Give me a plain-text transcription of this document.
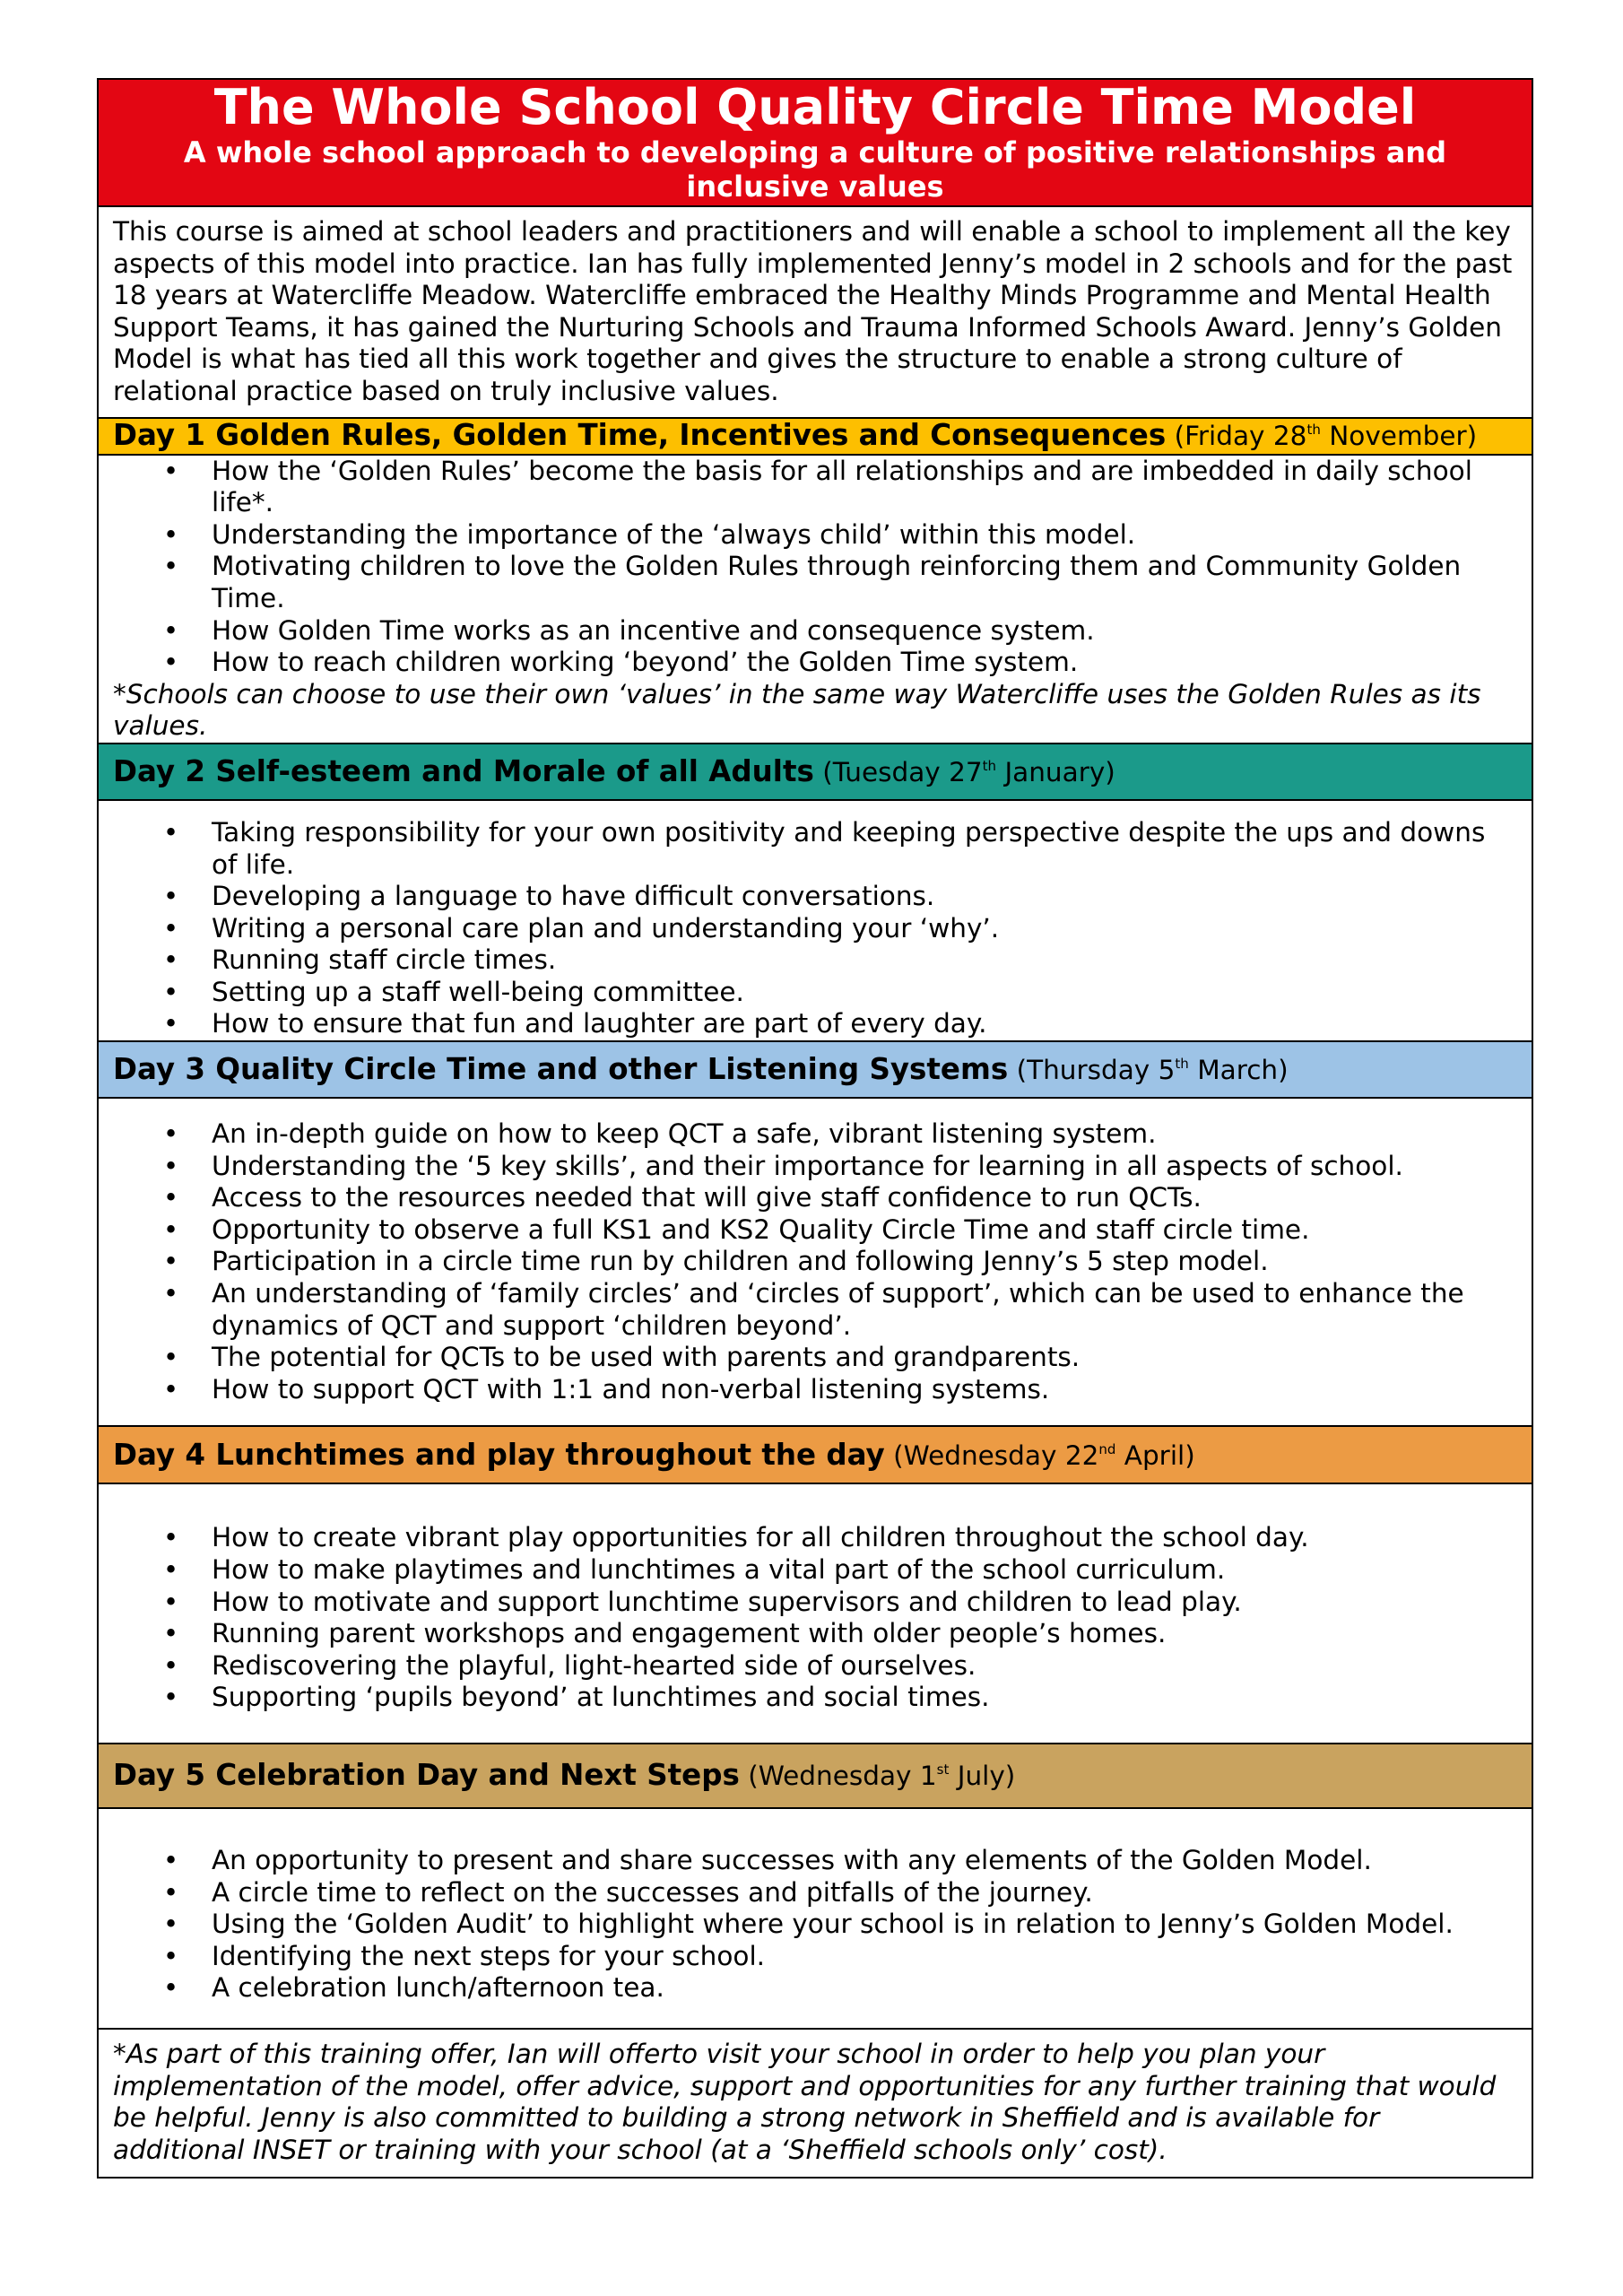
The Whole School Quality Circle Time Model
A whole school approach to developing a culture of positive relationships and inclusive values

This course is aimed at school leaders and practitioners and will enable a school to implement all the key aspects of this model into practice. Ian has fully implemented Jenny’s model in 2 schools and for the past 18 years at Watercliffe Meadow. Watercliffe embraced the Healthy Minds Programme and Mental Health Support Teams, it has gained the Nurturing Schools and Trauma Informed Schools Award. Jenny’s Golden Model is what has tied all this work together and gives the structure to enable a strong culture of relational practice based on truly inclusive values.
Day 1 Golden Rules, Golden Time, Incentives and Consequences (Friday 28th November)

• How the ‘Golden Rules’ become the basis for all relationships and are imbedded in daily school life*.
• Understanding the importance of the ‘always child’ within this model.
• Motivating children to love the Golden Rules through reinforcing them and Community Golden Time.
• How Golden Time works as an incentive and consequence system.
• How to reach children working ‘beyond’ the Golden Time system.
*Schools can choose to use their own ‘values’ in the same way Watercliffe uses the Golden Rules as its values.

Day 2 Self-esteem and Morale of all Adults (Tuesday 27th January)

• Taking responsibility for your own positivity and keeping perspective despite the ups and downs of life.
• Developing a language to have difficult conversations.
• Writing a personal care plan and understanding your ‘why’.
• Running staff circle times.
• Setting up a staff well-being committee.
• How to ensure that fun and laughter are part of every day.

Day 3 Quality Circle Time and other Listening Systems (Thursday 5th March)

• An in-depth guide on how to keep QCT a safe, vibrant listening system.
• Understanding the ‘5 key skills’, and their importance for learning in all aspects of school.
• Access to the resources needed that will give staff confidence to run QCTs.
• Opportunity to observe a full KS1 and KS2 Quality Circle Time and staff circle time.
• Participation in a circle time run by children and following Jenny’s 5 step model.
• An understanding of ‘family circles’ and ‘circles of support’, which can be used to enhance the dynamics of QCT and support ‘children beyond’.
• The potential for QCTs to be used with parents and grandparents.
• How to support QCT with 1:1 and non-verbal listening systems.

Day 4 Lunchtimes and play throughout the day (Wednesday 22nd April)

• How to create vibrant play opportunities for all children throughout the school day.
• How to make playtimes and lunchtimes a vital part of the school curriculum.
• How to motivate and support lunchtime supervisors and children to lead play.
• Running parent workshops and engagement with older people’s homes.
• Rediscovering the playful, light-hearted side of ourselves.
• Supporting ‘pupils beyond’ at lunchtimes and social times.

Day 5 Celebration Day and Next Steps (Wednesday 1st July)

• An opportunity to present and share successes with any elements of the Golden Model.
• A circle time to reflect on the successes and pitfalls of the journey.
• Using the ‘Golden Audit’ to highlight where your school is in relation to Jenny’s Golden Model.
• Identifying the next steps for your school.
• A celebration lunch/afternoon tea.

*As part of this training offer, Ian will offerto visit your school in order to help you plan your implementation of the model, offer advice, support and opportunities for any further training that would be helpful. Jenny is also committed to building a strong network in Sheffield and is available for additional INSET or training with your school (at a ‘Sheffield schools only’ cost).
